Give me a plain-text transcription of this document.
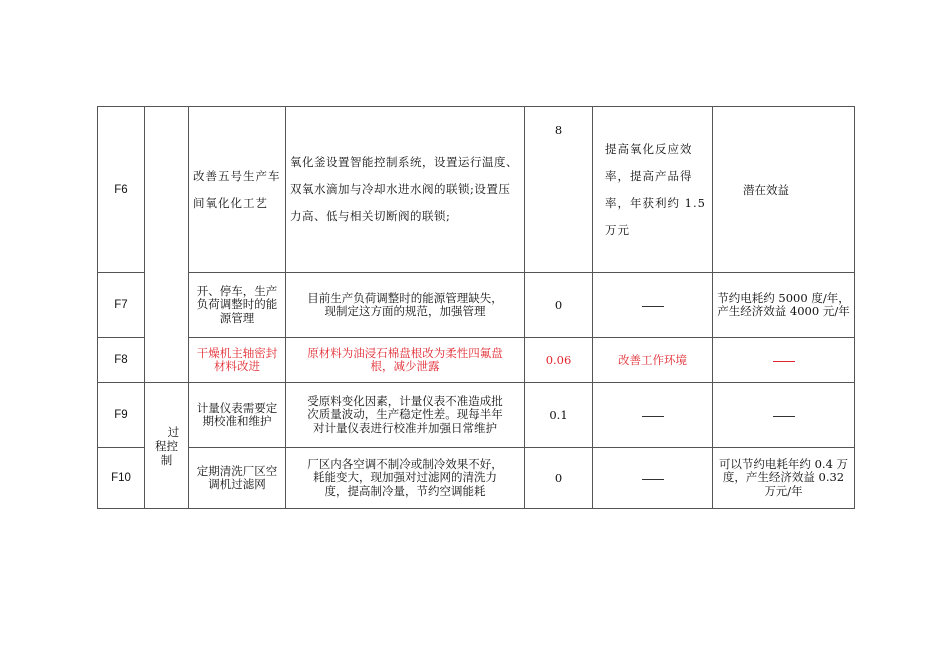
F6		改善五号生产车间氧化化工艺	氧化釜设置智能控制系统，设置运行温度、双氧水滴加与冷却水进水阀的联锁;设置压力高、低与相关切断阀的联锁;	8	提高氧化反应效率，提高产品得率，年获利约 1.5 万元	潜在效益
F7		开、停车，生产负荷调整时的能源管理	目前生产负荷调整时的能源管理缺失，现制定这方面的规范，加强管理	0		节约电耗约 5000 度/年，产生经济效益 4000 元/年
F8		干燥机主轴密封材料改进	原材料为油浸石棉盘根改为柔性四氟盘根，减少泄露	0.06	改善工作环境	
F9	过
程控
制	计量仪表需要定期校准和维护	受原料变化因素，计量仪表不准造成批次质量波动，生产稳定性差。现每半年对计量仪表进行校准并加强日常维护	0.1		
F10		定期清洗厂区空调机过滤网	厂区内各空调不制冷或制冷效果不好，耗能变大，现加强对过滤网的清洗力度，提高制冷量，节约空调能耗	0		可以节约电耗年约 0.4 万度，产生经济效益 0.32 万元/年
